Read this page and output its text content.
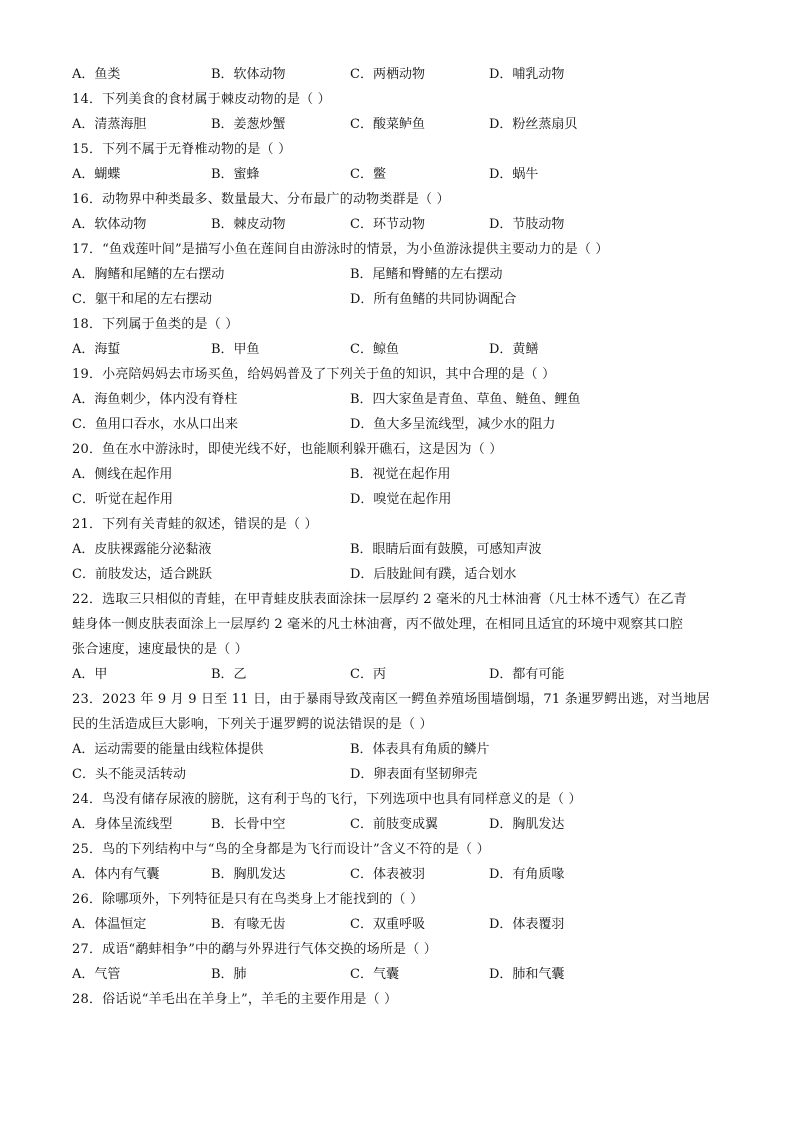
A．鱼类	B．软体动物	C．两栖动物	D．哺乳动物
14．下列美食的食材属于棘皮动物的是（ ）
A．清蒸海胆	B．姜葱炒蟹	C．酸菜鲈鱼	D．粉丝蒸扇贝
15．下列不属于无脊椎动物的是（ ）
A．蝴蝶	B．蜜蜂	C．鳖	D．蜗牛
16．动物界中种类最多、数量最大、分布最广的动物类群是（ ）
A．软体动物	B．棘皮动物	C．环节动物	D．节肢动物
17．“鱼戏莲叶间”是描写小鱼在莲间自由游泳时的情景，为小鱼游泳提供主要动力的是（ ）
A．胸鳍和尾鳍的左右摆动	B．尾鳍和臀鳍的左右摆动
C．躯干和尾的左右摆动	D．所有鱼鳍的共同协调配合
18．下列属于鱼类的是（ ）
A．海蜇	B．甲鱼	C．鲸鱼	D．黄鳝
19．小亮陪妈妈去市场买鱼，给妈妈普及了下列关于鱼的知识，其中合理的是（ ）
A．海鱼刺少，体内没有脊柱	B．四大家鱼是青鱼、草鱼、鲢鱼、鲤鱼
C．鱼用口吞水，水从口出来	D．鱼大多呈流线型，减少水的阻力
20．鱼在水中游泳时，即使光线不好，也能顺利躲开礁石，这是因为（ ）
A．侧线在起作用	B．视觉在起作用
C．听觉在起作用	D．嗅觉在起作用
21．下列有关青蛙的叙述，错误的是（ ）
A．皮肤裸露能分泌黏液	B．眼睛后面有鼓膜，可感知声波
C．前肢发达，适合跳跃	D．后肢趾间有蹼，适合划水
22．选取三只相似的青蛙，在甲青蛙皮肤表面涂抹一层厚约 2 毫米的凡士林油膏（凡士林不透气）在乙青
蛙身体一侧皮肤表面涂上一层厚约 2 毫米的凡士林油膏，丙不做处理，在相同且适宜的环境中观察其口腔
张合速度，速度最快的是（ ）
A．甲	B．乙	C．丙	D．都有可能
23．2023 年 9 月 9 日至 11 日，由于暴雨导致茂南区一鳄鱼养殖场围墙倒塌，71 条暹罗鳄出逃，对当地居
民的生活造成巨大影响，下列关于暹罗鳄的说法错误的是（ ）
A．运动需要的能量由线粒体提供	B．体表具有角质的鳞片
C．头不能灵活转动	D．卵表面有坚韧卵壳
24．鸟没有储存尿液的膀胱，这有利于鸟的飞行，下列选项中也具有同样意义的是（ ）
A．身体呈流线型	B．长骨中空	C．前肢变成翼	D．胸肌发达
25．鸟的下列结构中与“鸟的全身都是为飞行而设计”含义不符的是（ ）
A．体内有气囊	B．胸肌发达	C．体表被羽	D．有角质喙
26．除哪项外，下列特征是只有在鸟类身上才能找到的（ ）
A．体温恒定	B．有喙无齿	C．双重呼吸	D．体表覆羽
27．成语“鹬蚌相争”中的鹬与外界进行气体交换的场所是（ ）
A．气管	B．肺	C．气囊	D．肺和气囊
28．俗话说“羊毛出在羊身上”，羊毛的主要作用是（ ）
